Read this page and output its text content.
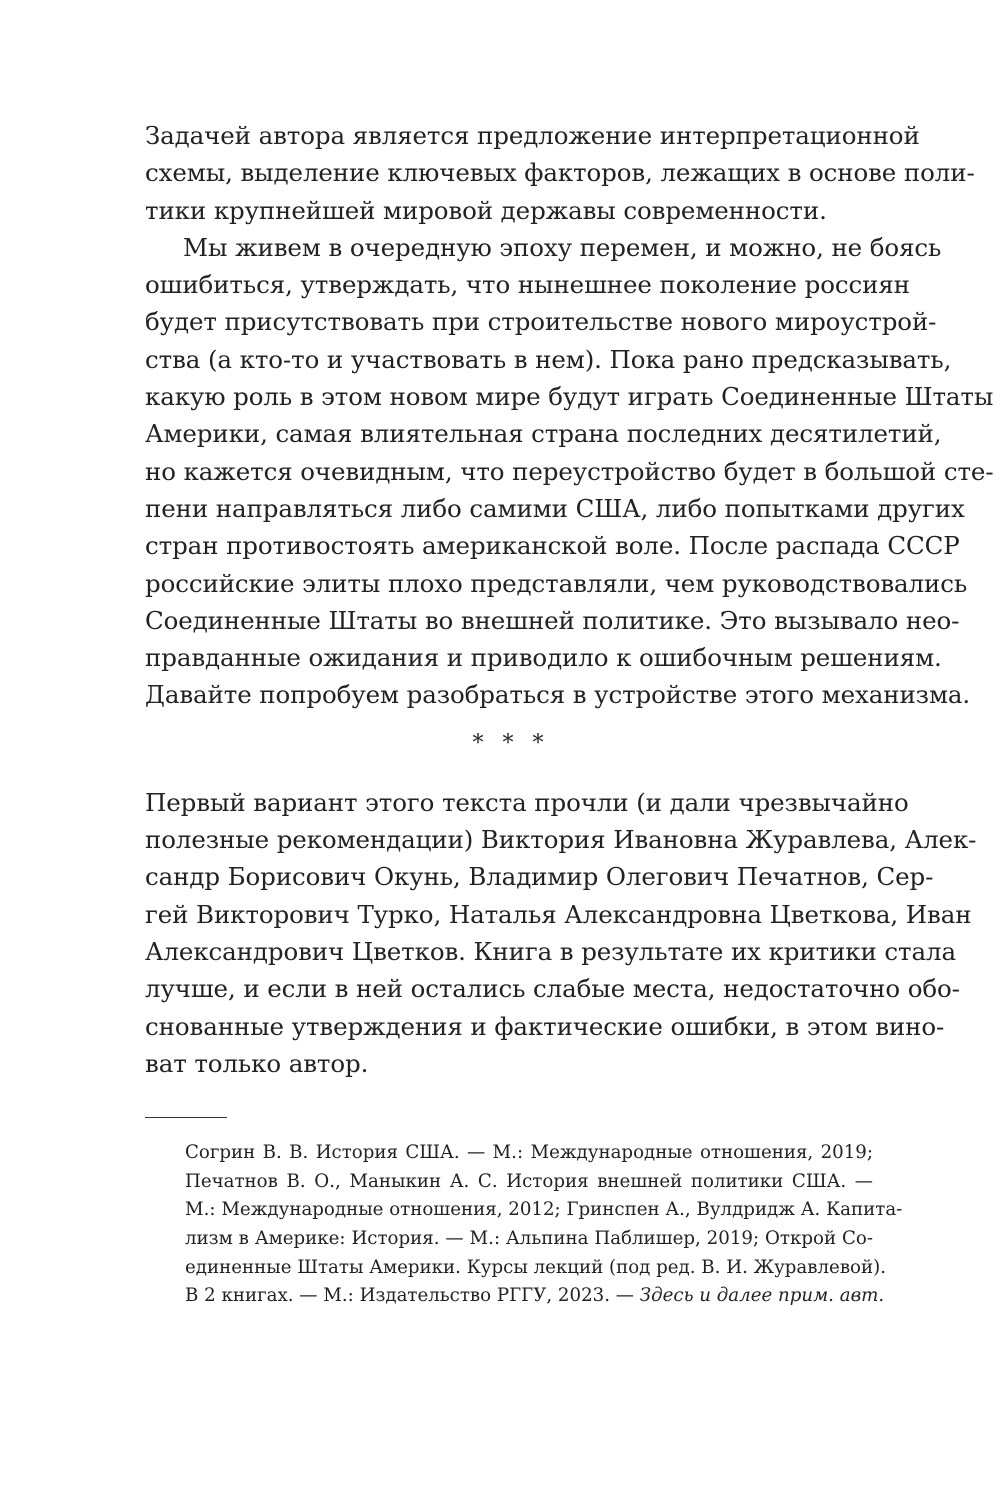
Задачей автора является предложение интерпретационной
схемы, выделение ключевых факторов, лежащих в основе поли-
тики крупнейшей мировой державы современности.
Мы живем в очередную эпоху перемен, и можно, не боясь
ошибиться, утверждать, что нынешнее поколение россиян
будет присутствовать при строительстве нового мироустрой-
ства (а кто-то и участвовать в нем). Пока рано предсказывать,
какую роль в этом новом мире будут играть Соединенные Штаты
Америки, самая влиятельная страна последних десятилетий,
но кажется очевидным, что переустройство будет в большой сте-
пени направляться либо самими США, либо попытками других
стран противостоять американской воле. После распада СССР
российские элиты плохо представляли, чем руководствовались
Соединенные Штаты во внешней политике. Это вызывало нео-
правданные ожидания и приводило к ошибочным решениям.
Давайте попробуем разобраться в устройстве этого механизма.
* * *
Первый вариант этого текста прочли (и дали чрезвычайно
полезные рекомендации) Виктория Ивановна Журавлева, Алек-
сандр Борисович Окунь, Владимир Олегович Печатнов, Сер-
гей Викторович Турко, Наталья Александровна Цветкова, Иван
Александрович Цветков. Книга в результате их критики стала
лучше, и если в ней остались слабые места, недостаточно обо-
снованные утверждения и фактические ошибки, в этом вино-
ват только автор.
Согрин В. В. История США. — М.: Международные отношения, 2019;
Печатнов В. О., Маныкин А. С. История внешней политики США. —
М.: Международные отношения, 2012; Гринспен А., Вулдридж А. Капита-
лизм в Америке: История. — М.: Альпина Паблишер, 2019; Открой Со-
единенные Штаты Америки. Курсы лекций (под ред. В. И. Журавлевой).
В 2 книгах. — М.: Издательство РГГУ, 2023. — Здесь и далее прим. авт.
